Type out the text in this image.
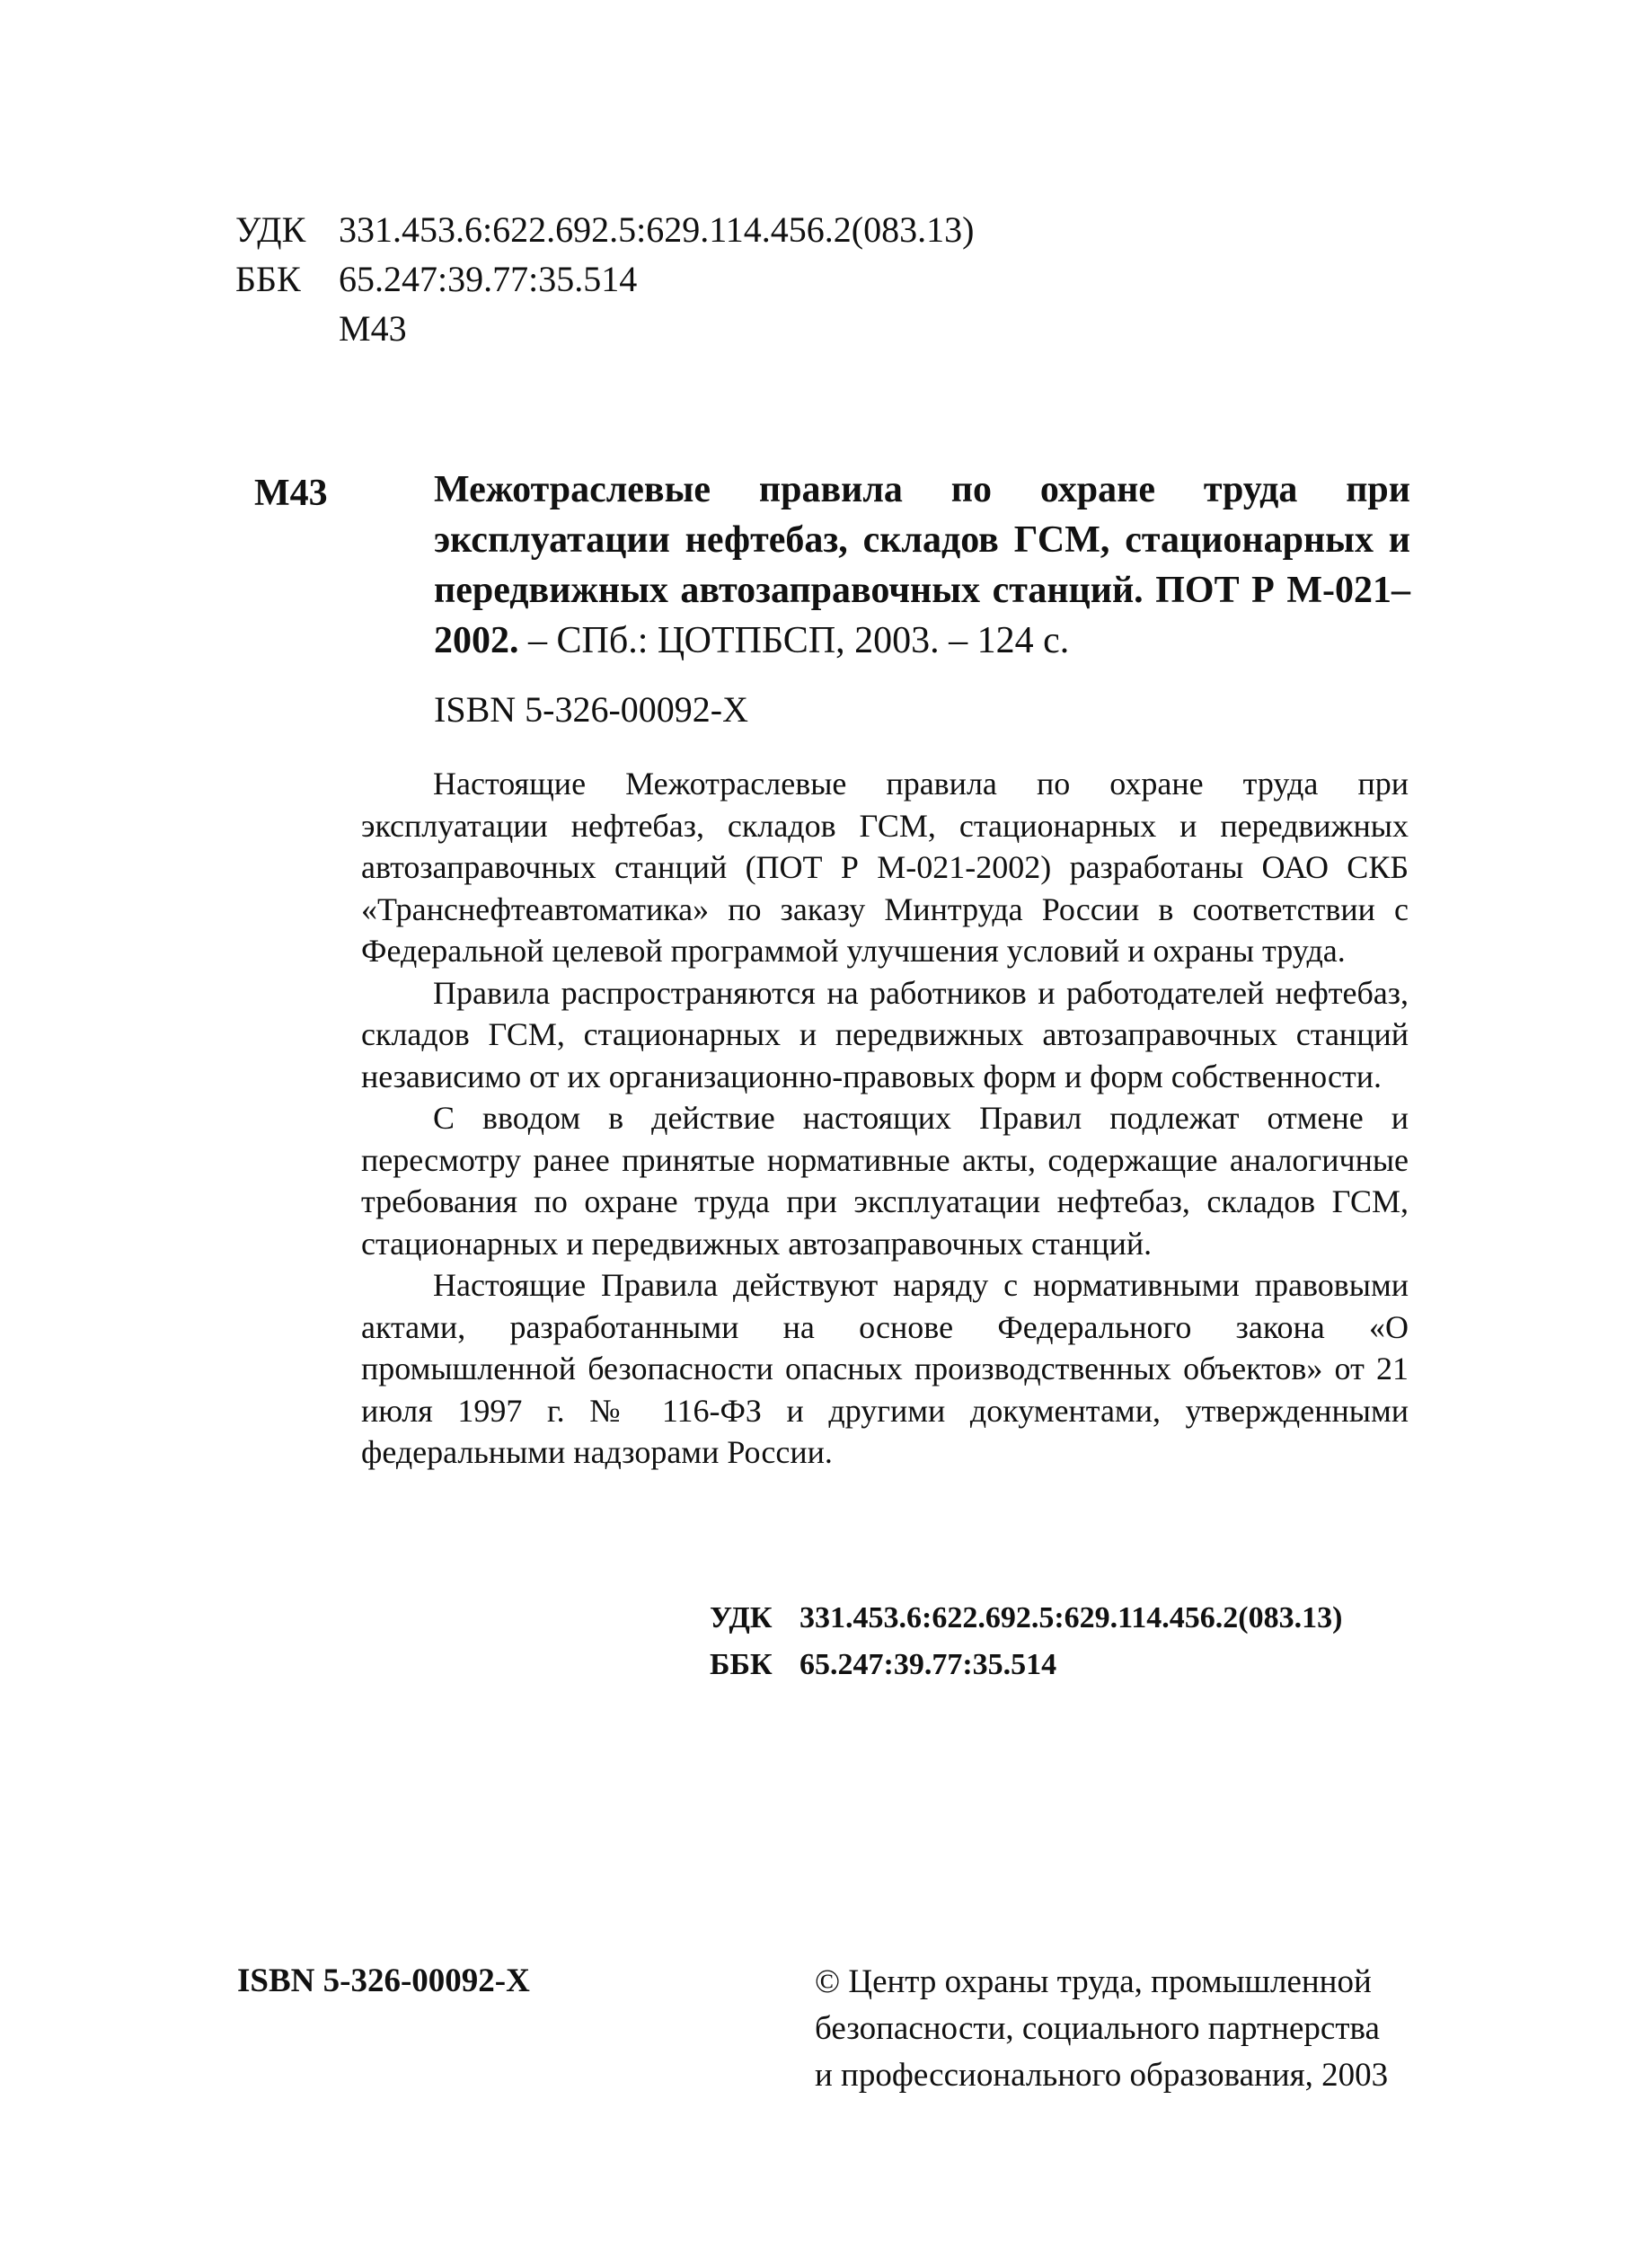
УДК 331.453.6:622.692.5:629.114.456.2(083.13)
ББК 65.247:39.77:35.514
М43
М43	Межотраслевые правила по охране труда при эксплуатации нефтебаз, складов ГСМ, стационарных и передвижных автозаправочных станций. ПОТ Р М-021–2002. – СПб.: ЦОТПБСП, 2003. – 124 с.
ISBN 5-326-00092-Х

Настоящие Межотраслевые правила по охране труда при эксплуатации нефтебаз, складов ГСМ, стационарных и передвижных автозаправочных станций (ПОТ Р М-021-2002) разработаны ОАО СКБ «Транснефтеавтоматика» по заказу Минтруда России в соответствии с Федеральной целевой программой улучшения условий и охраны труда.

Правила распространяются на работников и работодателей нефтебаз, складов ГСМ, стационарных и передвижных автозаправочных станций независимо от их организационно-правовых форм и форм собственности.

С вводом в действие настоящих Правил подлежат отмене и пересмотру ранее принятые нормативные акты, содержащие аналогичные требования по охране труда при эксплуатации нефтебаз, складов ГСМ, стационарных и передвижных автозаправочных станций.

Настоящие Правила действуют наряду с нормативными правовыми актами, разработанными на основе Федерального закона «О промышленной безопасности опасных производственных объектов» от 21 июля 1997 г. № 116-ФЗ и другими документами, утвержденными федеральными надзорами России.

УДК 331.453.6:622.692.5:629.114.456.2(083.13)
ББК 65.247:39.77:35.514
ISBN 5-326-00092-Х	© Центр охраны труда, промышленной
безопасности, социального партнерства
и профессионального образования, 2003
